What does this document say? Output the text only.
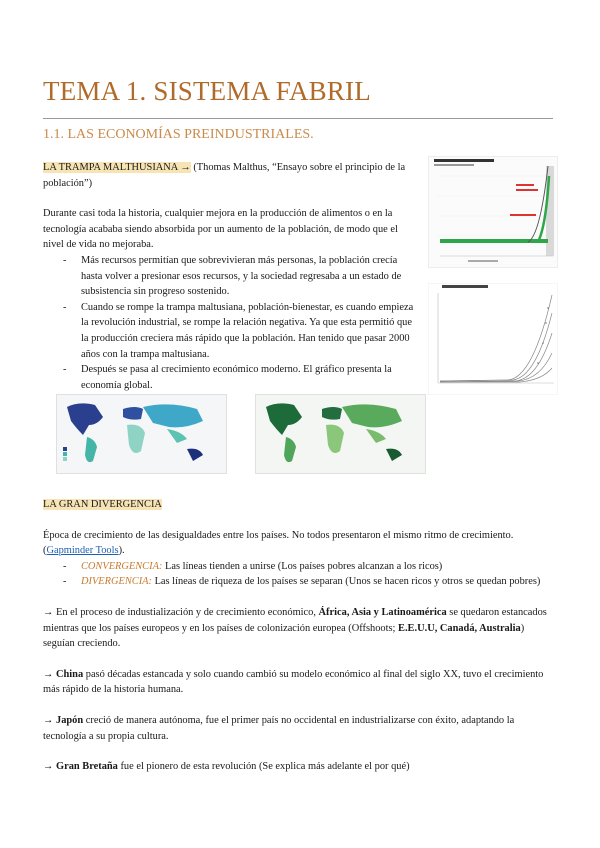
TEMA 1. SISTEMA FABRIL
1.1. LAS ECONOMÍAS PREINDUSTRIALES.
LA TRAMPA MALTHUSIANA → (Thomas Malthus, “Ensayo sobre el principio de la población”)
Durante casi toda la historia, cualquier mejora en la producción de alimentos o en la tecnología acababa siendo absorbida por un aumento de la población, de modo que el nivel de vida no mejoraba.
- Más recursos permitían que sobrevivieran más personas, la población crecía hasta volver a presionar esos recursos, y la sociedad regresaba a un estado de subsistencia sin progreso sostenido.
- Cuando se rompe la trampa maltusiana, población-bienestar, es cuando empieza la revolución industrial, se rompe la relación negativa. Ya que esta permitió que la producción creciera más rápido que la población. Han tenido que pasar 2000 años con la trampa maltusiana.
- Después se pasa al crecimiento económico moderno. El gráfico presenta la economía global.
LA GRAN DIVERGENCIA
Época de crecimiento de las desigualdades entre los países. No todos presentaron el mismo ritmo de crecimiento. (Gapminder Tools).
- CONVERGENCIA: Las líneas tienden a unirse (Los países pobres alcanzan a los ricos)
- DIVERGENCIA: Las líneas de riqueza de los países se separan (Unos se hacen ricos y otros se quedan pobres)
→ En el proceso de industialización y de crecimiento económico, África, Asia y Latinoamérica se quedaron estancados mientras que los países europeos y en los países de colonización europea (Offshoots; E.E.U.U, Canadá, Australia) seguían creciendo.
→ China pasó décadas estancada y solo cuando cambió su modelo económico al final del siglo XX, tuvo el crecimiento más rápido de la historia humana.
→ Japón creció de manera autónoma, fue el primer país no occidental en industrializarse con éxito, adaptando la tecnología a su propia cultura.
→ Gran Bretaña fue el pionero de esta revolución (Se explica más adelante el por qué)
